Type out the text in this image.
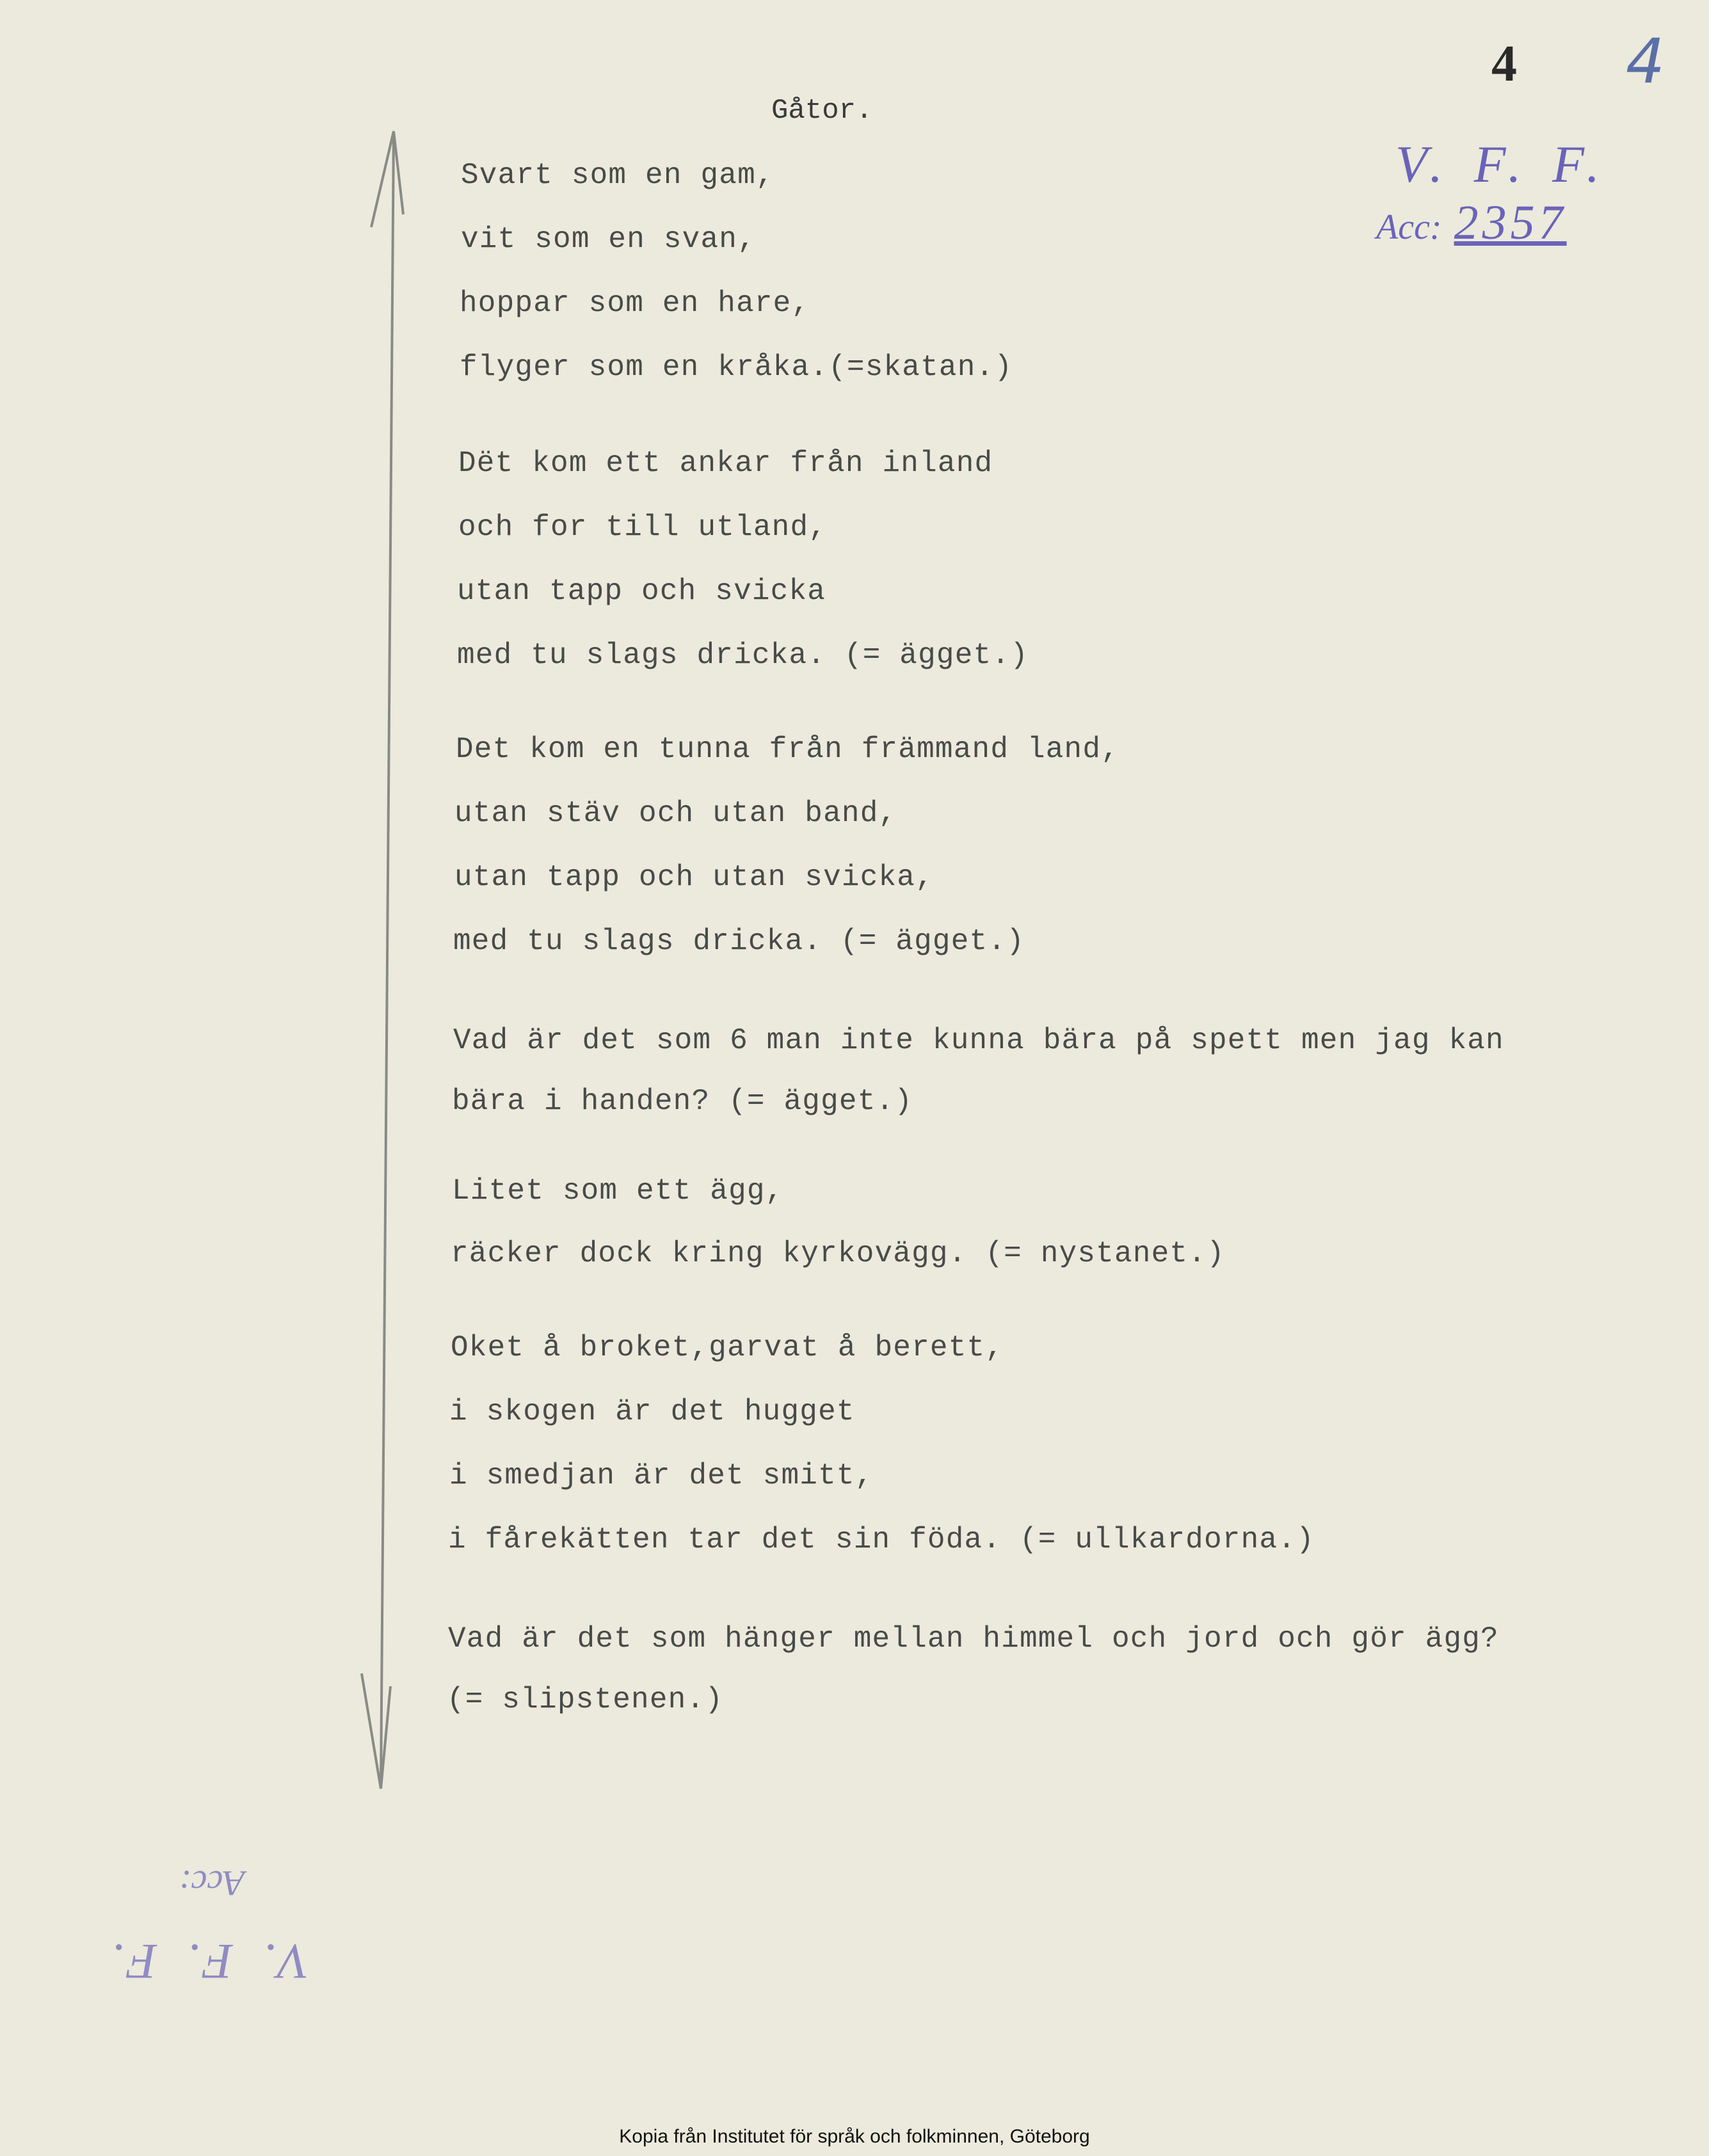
4 4
V. F. F.
Acc: 2357
V. F. F.
Acc:
Gåtor.
Svart som en gam,
vit som en svan,
hoppar som en hare,
flyger som en kråka.(=skatan.)
Dët kom ett ankar från inland
och for till utland,
utan tapp och svicka
med tu slags dricka. (= ägget.)
Det kom en tunna från främmand land,
utan stäv och utan band,
utan tapp och utan svicka,
med tu slags dricka. (= ägget.)
Vad är det som 6 man inte kunna bära på spett men jag kan
bära i handen? (= ägget.)
Litet som ett ägg,
räcker dock kring kyrkovägg. (= nystanet.)
Oket å broket,garvat å berett,
i skogen är det hugget
i smedjan är det smitt,
i fårekätten tar det sin föda. (= ullkardorna.)
Vad är det som hänger mellan himmel och jord och gör ägg?
(= slipstenen.)
Kopia från Institutet för språk och folkminnen, Göteborg
